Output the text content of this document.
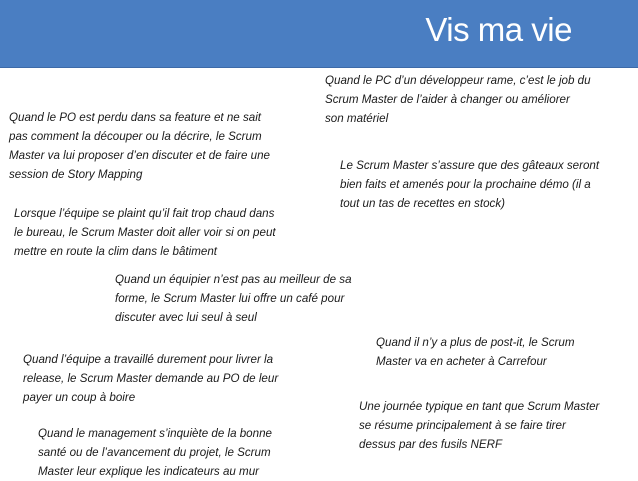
Vis ma vie
Quand le PC d’un développeur rame, c’est le job du
Scrum Master de l’aider à changer ou améliorer
son matériel
Quand le PO est perdu dans sa feature et ne sait
pas comment la découper ou la décrire, le Scrum
Master va lui proposer d’en discuter et de faire une
session de Story Mapping
Le Scrum Master s’assure que des gâteaux seront
bien faits et amenés pour la prochaine démo (il a
tout un tas de recettes en stock)
Lorsque l’équipe se plaint qu’il fait trop chaud dans
le bureau, le Scrum Master doit aller voir si on peut
mettre en route la clim dans le bâtiment
Quand un équipier n’est pas au meilleur de sa
forme, le Scrum Master lui offre un café pour
discuter avec lui seul à seul
Quand il n’y a plus de post-it, le Scrum
Master va en acheter à Carrefour
Quand l’équipe a travaillé durement pour livrer la
release, le Scrum Master demande au PO de leur
payer un coup à boire
Une journée typique en tant que Scrum Master
se résume principalement à se faire tirer
dessus par des fusils NERF
Quand le management s’inquiète de la bonne
santé ou de l’avancement du projet, le Scrum
Master leur explique les indicateurs au mur
